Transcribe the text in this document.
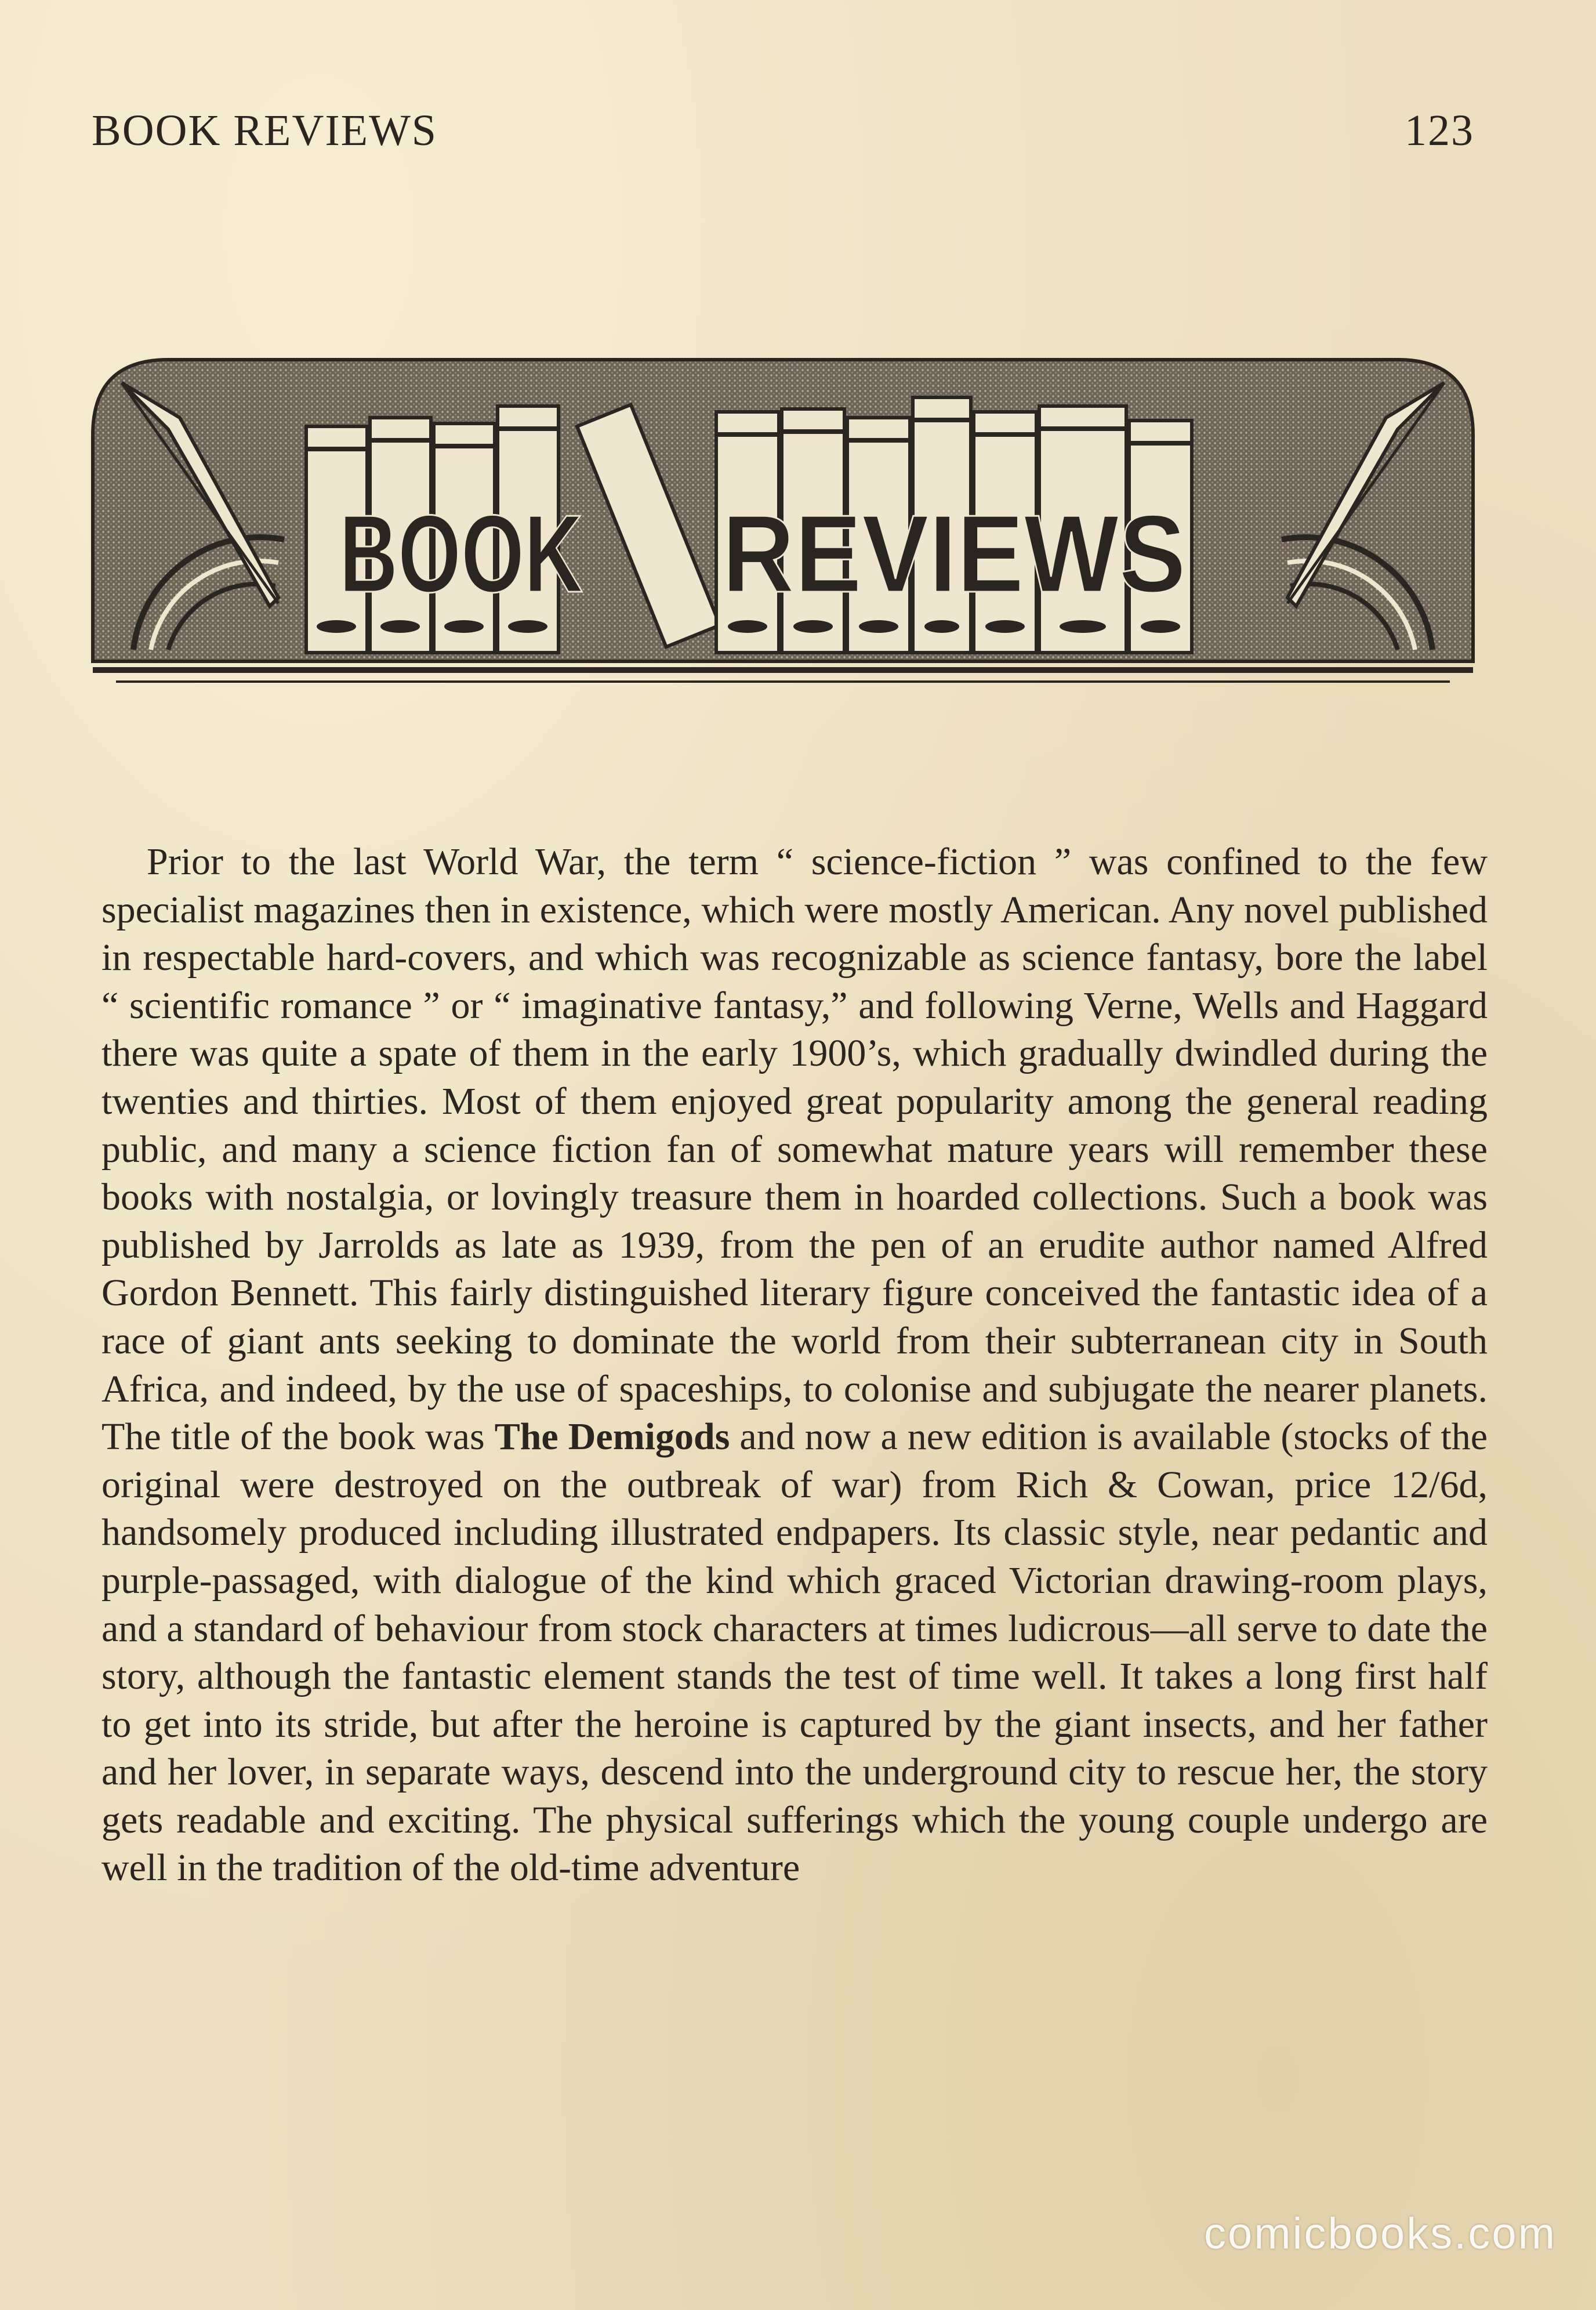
BOOK REVIEWS	123
BOOK REVIEWS

Prior to the last World War, the term “ science-fiction ” was confined to the few specialist magazines then in existence, which were mostly American. Any novel published in respectable hard-covers, and which was recognizable as science fantasy, bore the label “ scientific romance ” or “ imaginative fantasy,” and following Verne, Wells and Haggard there was quite a spate of them in the early 1900’s, which gradually dwindled during the twenties and thirties. Most of them enjoyed great popularity among the general reading public, and many a science fiction fan of somewhat mature years will remember these books with nostalgia, or lovingly treasure them in hoarded collections. Such a book was published by Jarrolds as late as 1939, from the pen of an erudite author named Alfred Gordon Bennett. This fairly distinguished literary figure conceived the fantastic idea of a race of giant ants seeking to dominate the world from their subterranean city in South Africa, and indeed, by the use of spaceships, to colonise and subjugate the nearer planets. The title of the book was The Demigods and now a new edition is available (stocks of the original were destroyed on the outbreak of war) from Rich & Cowan, price 12/6d, handsomely produced including illustrated endpapers. Its classic style, near pedantic and purple-passaged, with dialogue of the kind which graced Victorian drawing-room plays, and a standard of behaviour from stock characters at times ludicrous—all serve to date the story, although the fantastic element stands the test of time well. It takes a long first half to get into its stride, but after the heroine is captured by the giant insects, and her father and her lover, in separate ways, descend into the underground city to rescue her, the story gets readable and exciting. The physical sufferings which the young couple undergo are well in the tradition of the old-time adventure

comicbooks.com
